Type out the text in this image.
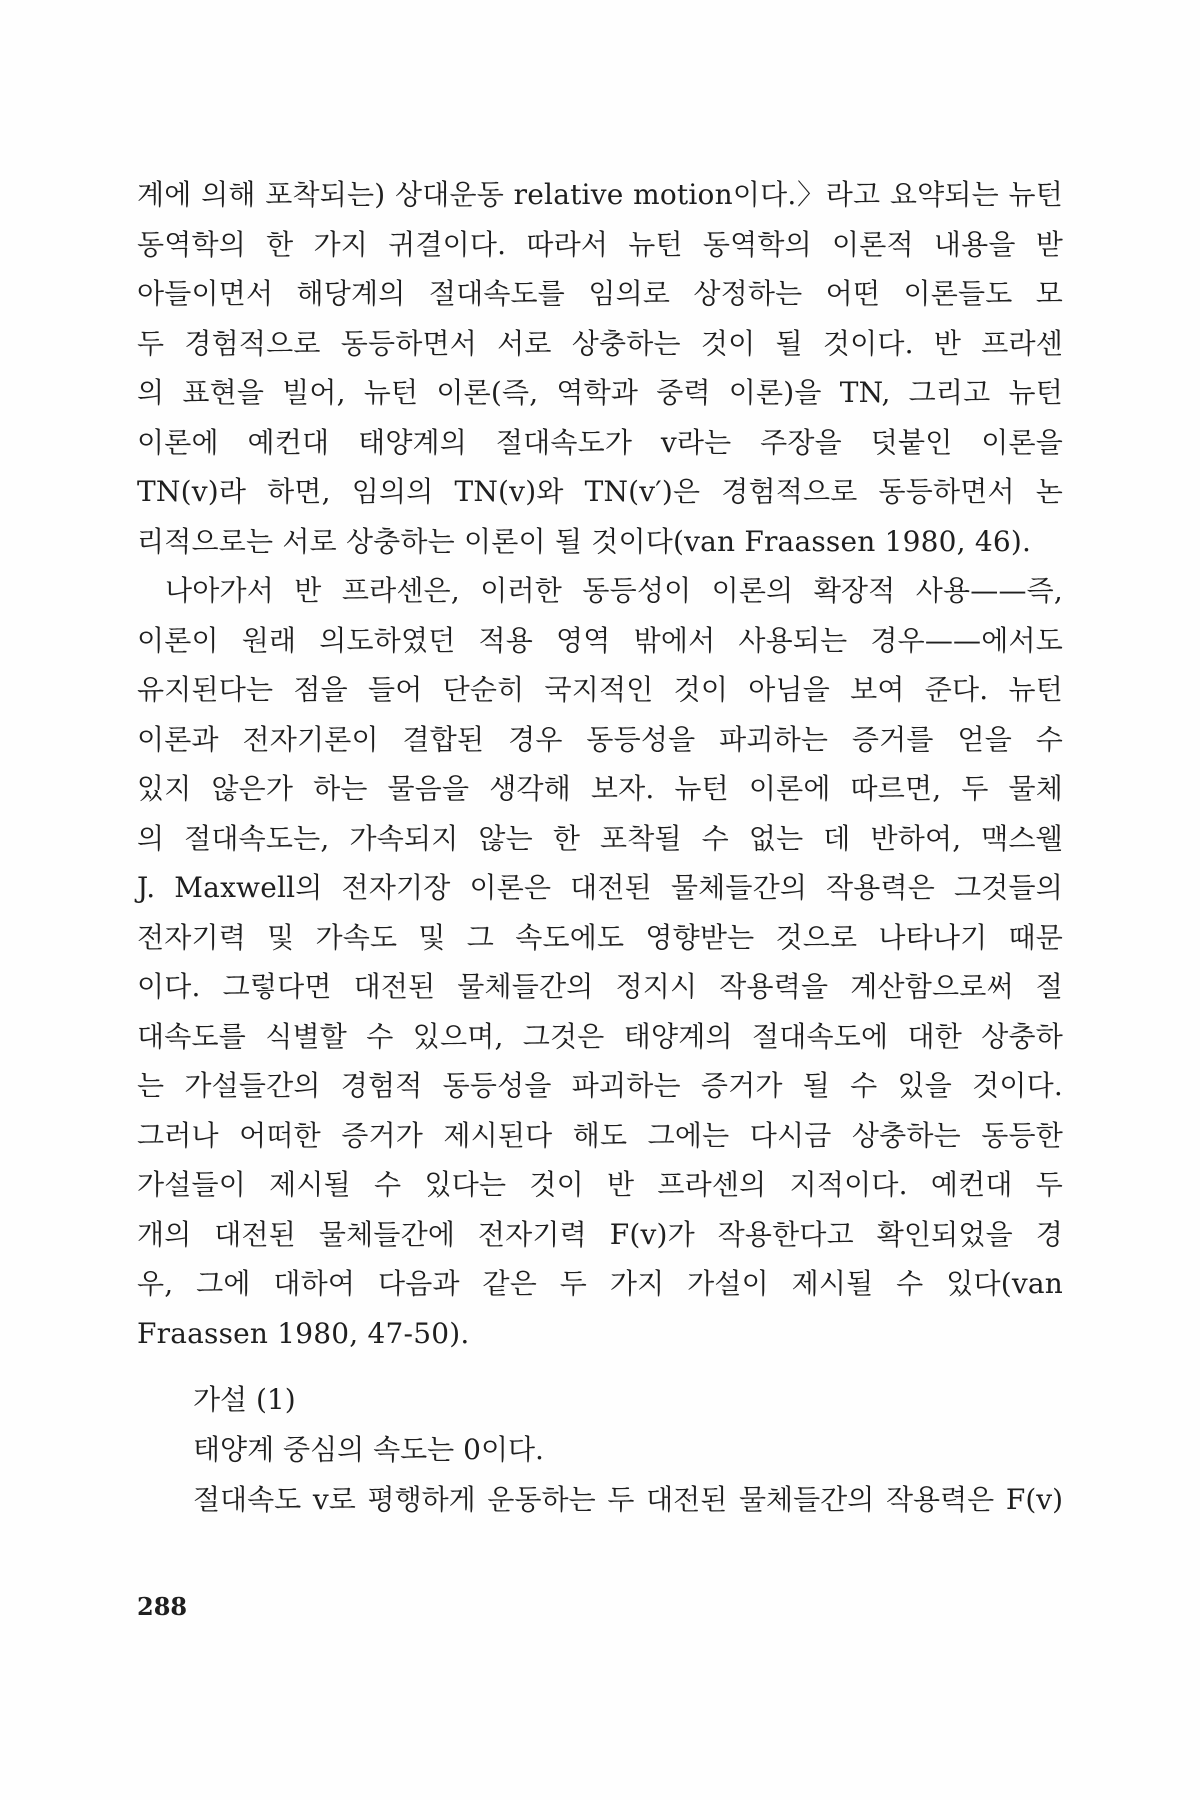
계에 의해 포착되는) 상대운동 relative motion이다.〉라고 요약되는 뉴턴
동역학의 한 가지 귀결이다. 따라서 뉴턴 동역학의 이론적 내용을 받
아들이면서 해당계의 절대속도를 임의로 상정하는 어떤 이론들도 모
두 경험적으로 동등하면서 서로 상충하는 것이 될 것이다. 반 프라센
의 표현을 빌어, 뉴턴 이론(즉, 역학과 중력 이론)을 TN, 그리고 뉴턴
이론에 예컨대 태양계의 절대속도가 v라는 주장을 덧붙인 이론을
TN(v)라 하면, 임의의 TN(v)와 TN(v′)은 경험적으로 동등하면서 논
리적으로는 서로 상충하는 이론이 될 것이다(van Fraassen 1980, 46).
나아가서 반 프라센은, 이러한 동등성이 이론의 확장적 사용——즉,
이론이 원래 의도하였던 적용 영역 밖에서 사용되는 경우——에서도
유지된다는 점을 들어 단순히 국지적인 것이 아님을 보여 준다. 뉴턴
이론과 전자기론이 결합된 경우 동등성을 파괴하는 증거를 얻을 수
있지 않은가 하는 물음을 생각해 보자. 뉴턴 이론에 따르면, 두 물체
의 절대속도는, 가속되지 않는 한 포착될 수 없는 데 반하여, 맥스웰
J. Maxwell의 전자기장 이론은 대전된 물체들간의 작용력은 그것들의
전자기력 및 가속도 및 그 속도에도 영향받는 것으로 나타나기 때문
이다. 그렇다면 대전된 물체들간의 정지시 작용력을 계산함으로써 절
대속도를 식별할 수 있으며, 그것은 태양계의 절대속도에 대한 상충하
는 가설들간의 경험적 동등성을 파괴하는 증거가 될 수 있을 것이다.
그러나 어떠한 증거가 제시된다 해도 그에는 다시금 상충하는 동등한
가설들이 제시될 수 있다는 것이 반 프라센의 지적이다. 예컨대 두
개의 대전된 물체들간에 전자기력 F(v)가 작용한다고 확인되었을 경
우, 그에 대하여 다음과 같은 두 가지 가설이 제시될 수 있다(van
Fraassen 1980, 47-50).
가설 (1)
태양계 중심의 속도는 0이다.
절대속도 v로 평행하게 운동하는 두 대전된 물체들간의 작용력은 F(v)
288
